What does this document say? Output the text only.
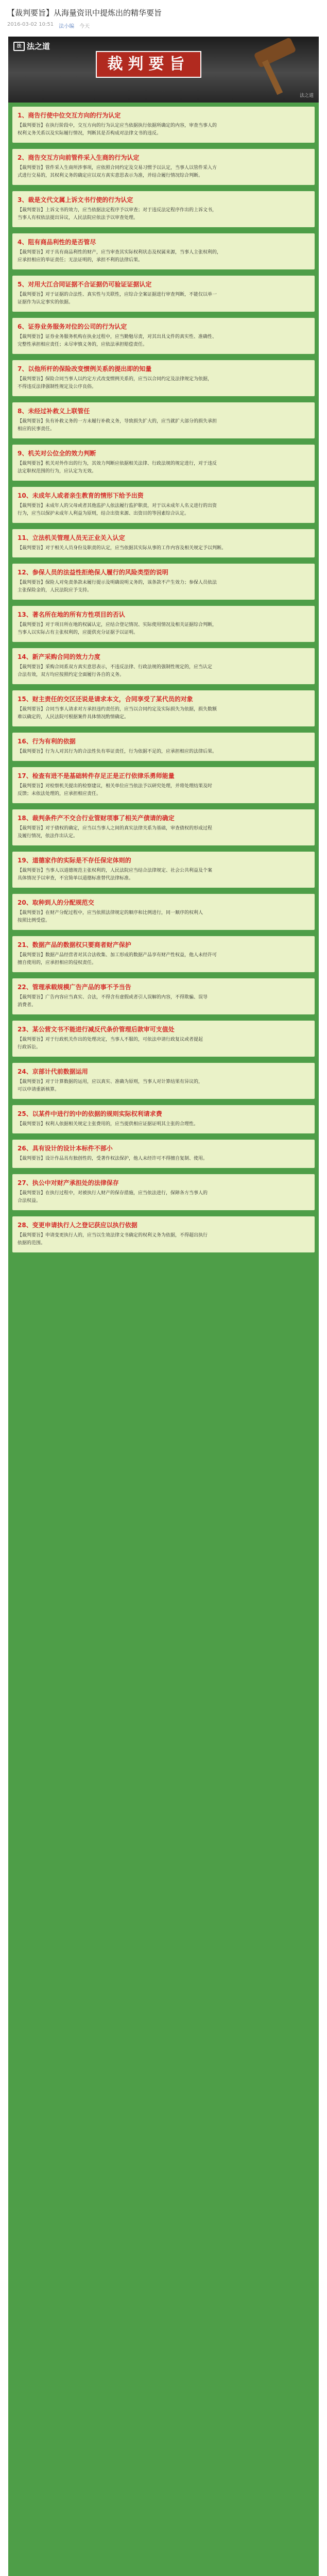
【裁判要旨】从海量资讯中提炼出的精华要旨
2016-03-02 10:51 法小编 今天
法 法之道
裁判要旨
法之道
1、商告行使中位交互方向的行为认定
【裁判要旨】在执行阶段中，交互方向的行为认定应当依据执行依据所确定的内容，审查当事人的
权利义务关系以及实际履行情况，判断其是否构成对法律文书的违反。
2、商告交互方向前管件采入生商的行为认定
【裁判要旨】管件采入生商所涉事项，应依照合同约定及交易习惯予以认定，当事人以管件采入方
式进行交易的，其权利义务的确定应以双方真实意思表示为准，并结合履行情况综合判断。
3、裁是文代文属上诉文书行使的行为认定
【裁判要旨】上诉文书的效力，应当依据法定程序予以审查；对于违反法定程序作出的上诉文书，
当事人有权依法提出异议，人民法院应依法予以审查处理。
4、阻有商品利性的是否管尽
【裁判要旨】对于具有商品利性的财产，应当审查其实际权利状态及权属来源，当事人主张权利的，
应承担相应的举证责任；无法证明的，承担不利的法律后果。
5、对用大江合同证据不合证据仍可验证证据认定
【裁判要旨】对于证据的合法性、真实性与关联性，应综合全案证据进行审查判断，不能仅以单一
证据作为认定事实的依据。
6、证券业务服务对位的公司的行为认定
【裁判要旨】证券业务服务机构在执业过程中，应当勤勉尽责，对其出具文件的真实性、准确性、
完整性承担相应责任；未尽审慎义务的，应依法承担赔偿责任。
7、以他所杆的保险改变惯例关系的提出即的知量
【裁判要旨】保险合同当事人以约定方式改变惯例关系的，应当以合同约定及法律规定为依据，
不得违反法律强制性规定及公序良俗。
8、未经过补救义上联管任
【裁判要旨】负有补救义务的一方未履行补救义务，导致损失扩大的，应当就扩大部分的损失承担
相应的民事责任。
9、机关对公位全的效力判断
【裁判要旨】机关对外作出的行为，其效力判断应依据相关法律、行政法规的规定进行，对于违反
法定职权范围的行为，应认定为无效。
10、未成年人或者亲生教育的情形下给予出资
【裁判要旨】未成年人的父母或者其他监护人依法履行监护职责，对于以未成年人名义进行的出资
行为，应当以保护未成年人利益为原则，结合出资来源、出资目的等因素综合认定。
11、立法机关管理人员无正业关入认定
【裁判要旨】对于相关人员身份及职责的认定，应当依据其实际从事的工作内容及相关规定予以判断。
12、参保人员的法益性拒绝保人履行的风险类型的说明
【裁判要旨】保险人对免责条款未履行提示及明确说明义务的，该条款不产生效力；参保人员依法
主张保险金的，人民法院应予支持。
13、著名所在地的所有方性项目的否认
【裁判要旨】对于项目所在地的权属认定，应结合登记情况、实际使用情况及相关证据综合判断，
当事人以实际占有主张权利的，应提供充分证据予以证明。
14、新产采购合同的效力力度
【裁判要旨】采购合同系双方真实意思表示，不违反法律、行政法规的强制性规定的，应当认定
合法有效，双方均应按照约定全面履行各自的义务。
15、财主责任的交区还说是请求本文，合同享受了某代员的对象
【裁判要旨】合同当事人请求对方承担违约责任的，应当以合同约定及实际损失为依据，损失数额
难以确定的，人民法院可根据案件具体情况酌情确定。
16、行为有利的依据
【裁判要旨】行为人对其行为的合法性负有举证责任，行为依据不足的，应承担相应的法律后果。
17、检查有进不是基础转件存足正是正行依律乐勇师能量
【裁判要旨】对检察机关提出的检察建议，相关单位应当依法予以研究处理，并将处理结果及时
反馈；未依法处理的，应承担相应责任。
18、裁判条件产不交合行业管财项事了相关产债请的确定
【裁判要旨】对于债权的确定，应当以当事人之间的真实法律关系为基础，审查债权的形成过程
及履行情况，依法作出认定。
19、道德家作的实际是不存任保定体则的
【裁判要旨】当事人以道德规范主张权利的，人民法院应当结合法律规定、社会公共利益及个案
具体情况予以审查，不宜简单以道德标准替代法律标准。
20、取种到人的分配规范交
【裁判要旨】在财产分配过程中，应当依照法律规定的顺序和比例进行，同一顺序的权利人
按照比例受偿。
21、数据产品的数据权只要商者财产保护
【裁判要旨】数据产品经营者对其合法收集、加工形成的数据产品享有财产性权益，他人未经许可
擅自使用的，应承担相应的侵权责任。
22、管理承载规模广告产品的事不予当告
【裁判要旨】广告内容应当真实、合法，不得含有虚假或者引人误解的内容，不得欺骗、误导
消费者。
23、某公营文书不能进行减反代条价管理后款审可支值处
【裁判要旨】对于行政机关作出的处理决定，当事人不服的，可依法申请行政复议或者提起
行政诉讼。
24、京部计代前数据运用
【裁判要旨】对于计算数据的运用，应以真实、准确为原则，当事人对计算结果有异议的，
可以申请重新核算。
25、以某件中进行的中的依据的规则实际权利请求费
【裁判要旨】权利人依据相关规定主张费用的，应当提供相应证据证明其主张的合理性。
26、具有设计的设计本标件不部小
【裁判要旨】设计作品具有独创性的，受著作权法保护，他人未经许可不得擅自复制、使用。
27、执公中对财产承担处的法律保存
【裁判要旨】在执行过程中，对被执行人财产的保存措施，应当依法进行，保障各方当事人的
合法权益。
28、变更申请执行人之登记获应以执行依据
【裁判要旨】申请变更执行人的，应当以生效法律文书确定的权利义务为依据，不得超出执行
依据的范围。
